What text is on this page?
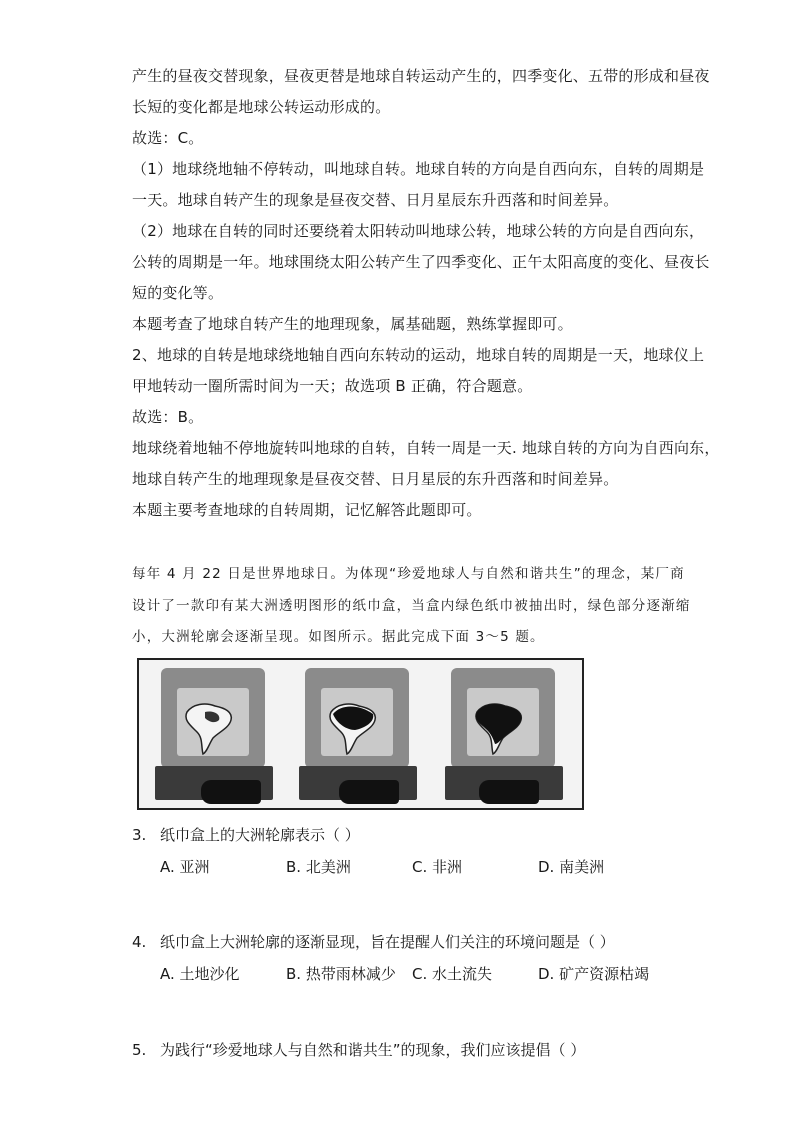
产生的昼夜交替现象，昼夜更替是地球自转运动产生的，四季变化、五带的形成和昼夜
长短的变化都是地球公转运动形成的。
故选：C。
（1）地球绕地轴不停转动，叫地球自转。地球自转的方向是自西向东，自转的周期是
一天。地球自转产生的现象是昼夜交替、日月星辰东升西落和时间差异。
（2）地球在自转的同时还要绕着太阳转动叫地球公转，地球公转的方向是自西向东，
公转的周期是一年。地球围绕太阳公转产生了四季变化、正午太阳高度的变化、昼夜长
短的变化等。
本题考查了地球自转产生的地理现象，属基础题，熟练掌握即可。
2、地球的自转是地球绕地轴自西向东转动的运动，地球自转的周期是一天，地球仪上
甲地转动一圈所需时间为一天；故选项 B 正确，符合题意。
故选：B。
地球绕着地轴不停地旋转叫地球的自转，自转一周是一天. 地球自转的方向为自西向东，
地球自转产生的地理现象是昼夜交替、日月星辰的东升西落和时间差异。
本题主要考查地球的自转周期，记忆解答此题即可。
每年 4 月 22 日是世界地球日。为体现“珍爱地球人与自然和谐共生”的理念，某厂商
设计了一款印有某大洲透明图形的纸巾盒，当盒内绿色纸巾被抽出时，绿色部分逐渐缩
小，大洲轮廓会逐渐呈现。如图所示。据此完成下面 3～5 题。
3. 纸巾盒上的大洲轮廓表示（ ）
A. 亚洲	B. 北美洲	C. 非洲	D. 南美洲
4. 纸巾盒上大洲轮廓的逐渐显现，旨在提醒人们关注的环境问题是（ ）
A. 土地沙化	B. 热带雨林减少 C. 水土流失	D. 矿产资源枯竭
5. 为践行“珍爱地球人与自然和谐共生”的现象，我们应该提倡（ ）
